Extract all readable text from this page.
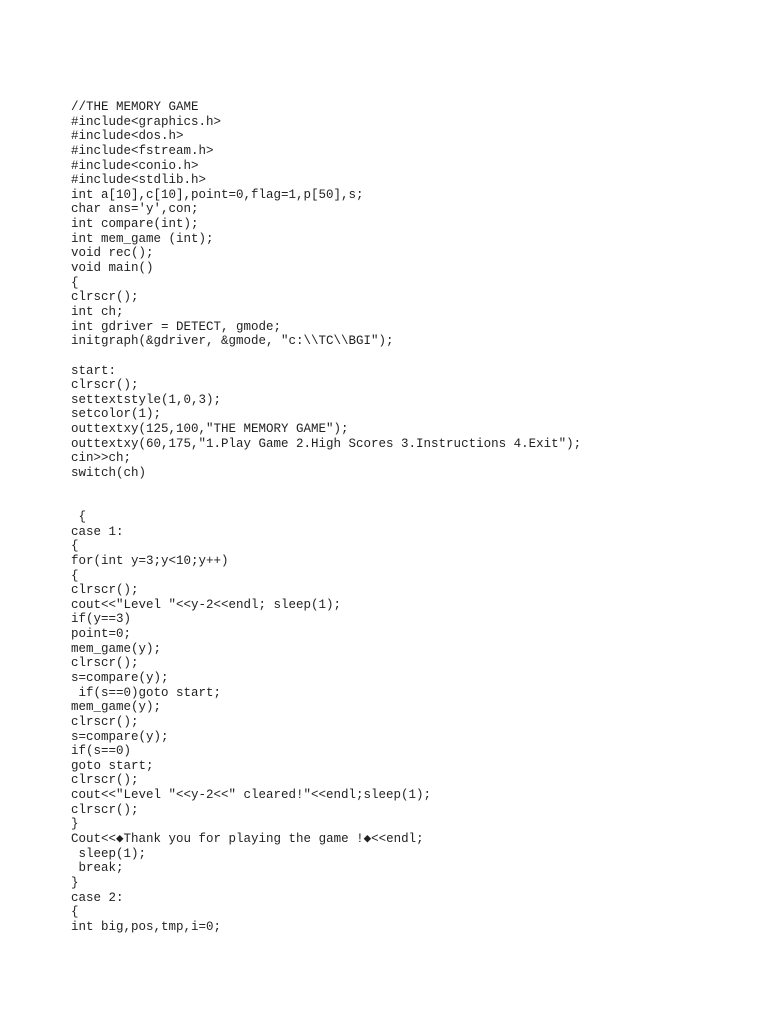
//THE MEMORY GAME
#include<graphics.h>
#include<dos.h>
#include<fstream.h>
#include<conio.h>
#include<stdlib.h>
int a[10],c[10],point=0,flag=1,p[50],s;
char ans='y',con;
int compare(int);
int mem_game (int);
void rec();
void main()
{
clrscr();
int ch;
int gdriver = DETECT, gmode;
initgraph(&gdriver, &gmode, "c:\\TC\\BGI");
start:
clrscr();
settextstyle(1,0,3);
setcolor(1);
outtextxy(125,100,"THE MEMORY GAME");
outtextxy(60,175,"1.Play Game 2.High Scores 3.Instructions 4.Exit");
cin>>ch;
switch(ch)
{
case 1:
{
for(int y=3;y<10;y++)
{
clrscr();
cout<<"Level "<<y-2<<endl; sleep(1);
if(y==3)
point=0;
mem_game(y);
clrscr();
s=compare(y);
if(s==0)goto start;
mem_game(y);
clrscr();
s=compare(y);
if(s==0)
goto start;
clrscr();
cout<<"Level "<<y-2<<" cleared!"<<endl;sleep(1);
clrscr();
}
Cout<<◆Thank you for playing the game !◆<<endl;
sleep(1);
break;
}
case 2:
{
int big,pos,tmp,i=0;
